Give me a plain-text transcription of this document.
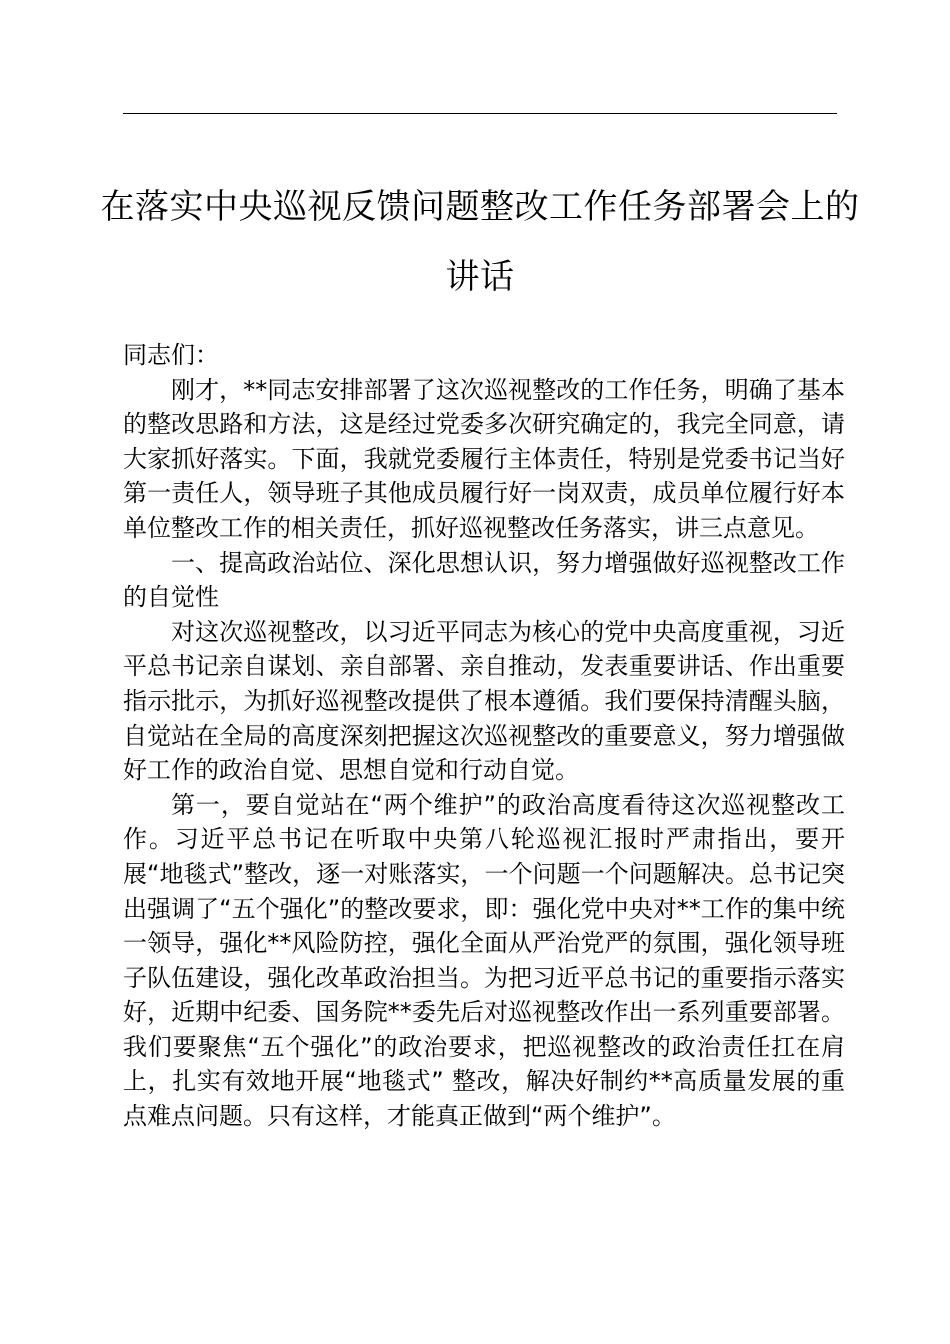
在落实中央巡视反馈问题整改工作任务部署会上的讲话

同志们：

刚才，**同志安排部署了这次巡视整改的工作任务，明确了基本的整改思路和方法，这是经过党委多次研究确定的，我完全同意，请大家抓好落实。下面，我就党委履行主体责任，特别是党委书记当好第一责任人，领导班子其他成员履行好一岗双责，成员单位履行好本单位整改工作的相关责任，抓好巡视整改任务落实，讲三点意见。

一、提高政治站位、深化思想认识，努力增强做好巡视整改工作的自觉性

对这次巡视整改，以习近平同志为核心的党中央高度重视，习近平总书记亲自谋划、亲自部署、亲自推动，发表重要讲话、作出重要指示批示，为抓好巡视整改提供了根本遵循。我们要保持清醒头脑，自觉站在全局的高度深刻把握这次巡视整改的重要意义，努力增强做好工作的政治自觉、思想自觉和行动自觉。

第一，要自觉站在“两个维护”的政治高度看待这次巡视整改工作。习近平总书记在听取中央第八轮巡视汇报时严肃指出，要开展“地毯式”整改，逐一对账落实，一个问题一个问题解决。总书记突出强调了“五个强化”的整改要求，即：强化党中央对**工作的集中统一领导，强化**风险防控，强化全面从严治党严的氛围，强化领导班子队伍建设，强化改革政治担当。为把习近平总书记的重要指示落实好，近期中纪委、国务院**委先后对巡视整改作出一系列重要部署。我们要聚焦“五个强化”的政治要求，把巡视整改的政治责任扛在肩上，扎实有效地开展“地毯式” 整改，解决好制约**高质量发展的重点难点问题。只有这样，才能真正做到“两个维护”。
